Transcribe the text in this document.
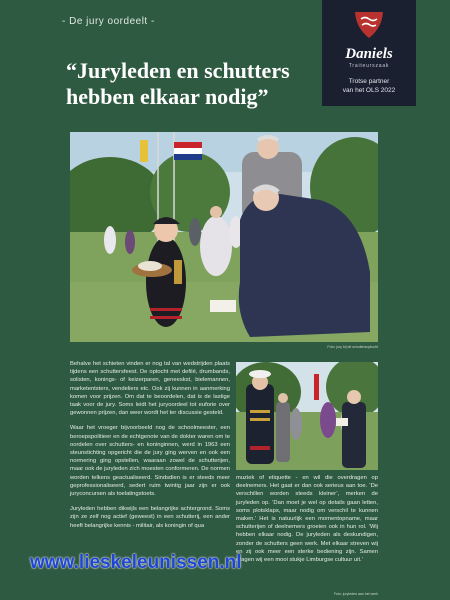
- De jury oordeelt -
“Juryleden en schutters
hebben elkaar nodig”
Daniels
Traiteurszaak
Trotse partner
van het OLS 2022
Foto: jury bij de schuttersoptocht

Behalve het schieten vinden er nog tal van wedstrijden plaats tijdens een schuttersfeest. De optocht met defilé, drumbands, solisten, konings- of keizerparen, geneeskst, bielemannen, marketentsters, vendeliers etc. Ook zij kunnen in aanmerking komen voor prijzen. Om dat te beoordelen, dat is de lastige taak voor de jury. Soms leidt het juryoordeel tot euforie over gewonnen prijzen, dan weer wordt het ter discussie gesteld.

Waar het vroeger bijvoorbeeld nog de schoolmeester, een beroepspolitieer en de echtgenote van de dokter waren om te oordelen over schutters- en koninginnen, werd in 1963 een steunstichting opgericht die de jury ging werven en ook een normering ging opstellen, waaraan zowel de schutterijen, maar ook de juryleden zich moesten conformeren. De normen worden telkens geactualiseerd. Sindsdien is er steeds meer geprofessionaliseerd, sedert ruim twintig jaar zijn er ook juryconcursen als toelatingstoets.

Juryleden hebben dikwijls een belangrijke achtergrond. Soms zijn ze zelf nog actief (geweest) in een schutterij, een ander heeft belangrijke kennis - militair, als koningin of qua

muziek of etiquette - en wil die overdragen op deelnemers. Het gaat er dan ook serieus aan toe. ‘De verschillen worden steeds kleiner’, merken de juryleden op. ‘Dan moet je wel op details gaan letten, soms plotsklaps, maar nodig om verschil te kunnen maken.’ Het is natuurlijk een momentopname, maar schutterijen of deelnemers groeien ook in hun rol. ‘Wij hebben elkaar nodig. De juryleden als deskundigen, zonder de schutters geen werk. Met elkaar streven wij en zij ook meer een sterke bediening zijn. Samen dragen wij een mooi stukje Limburgse cultuur uit.’

Foto: juryleden aan het werk
www.lieskeleunissen.nl
